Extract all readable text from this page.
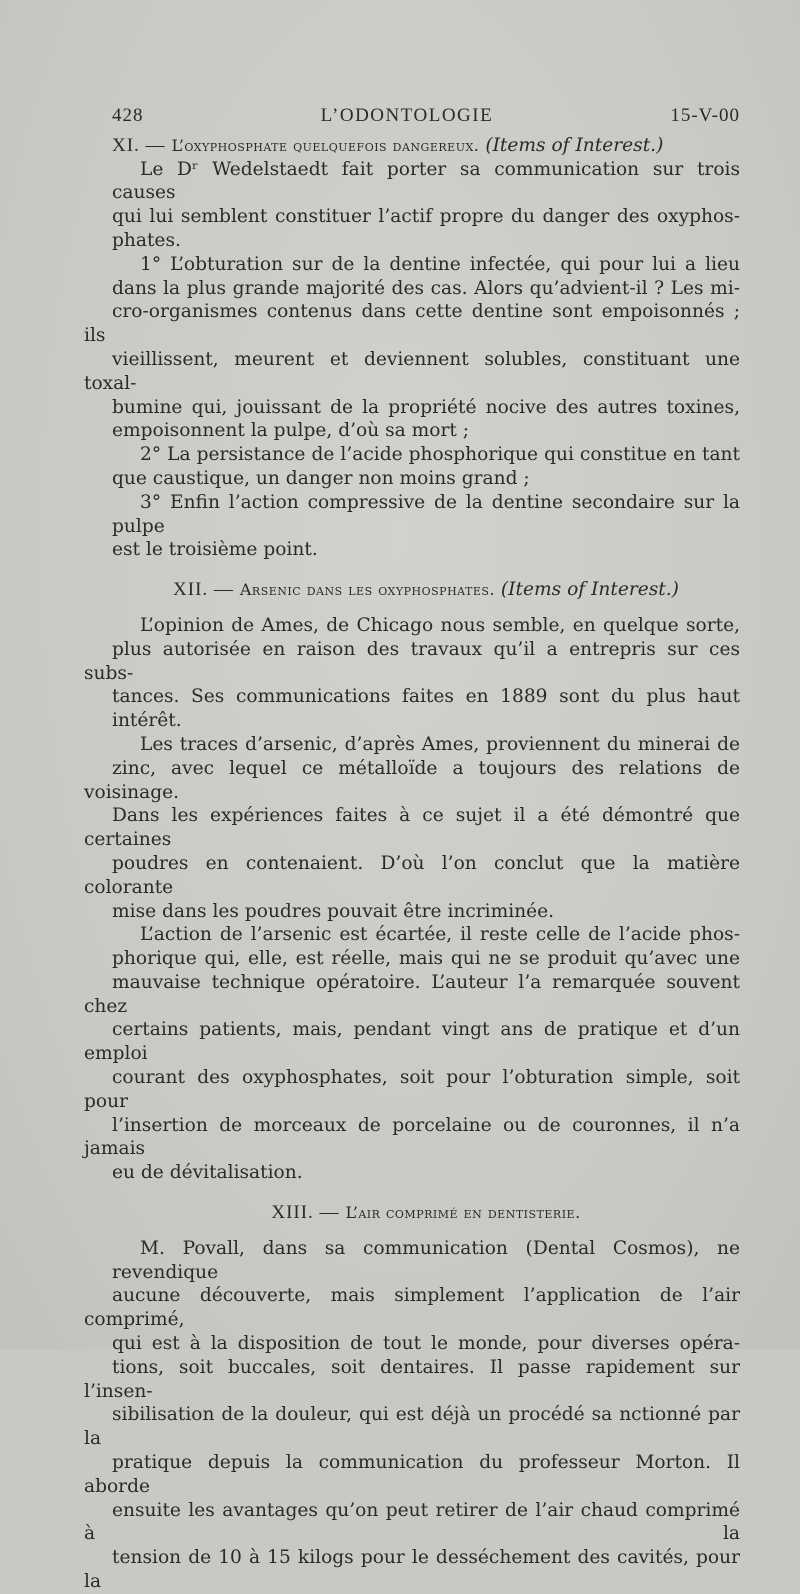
428	L’ODONTOLOGIE	15-V-00
XI. — L’oxyphosphate quelquefois dangereux. (Items of Interest.)

Le Dʳ Wedelstaedt fait porter sa communication sur trois causes
qui lui semblent constituer l’actif propre du danger des oxyphos-
phates.

1° L’obturation sur de la dentine infectée, qui pour lui a lieu
dans la plus grande majorité des cas. Alors qu’advient-il ? Les mi-
cro-organismes contenus dans cette dentine sont empoisonnés ; ils
vieillissent, meurent et deviennent solubles, constituant une toxal-
bumine qui, jouissant de la propriété nocive des autres toxines,
empoisonnent la pulpe, d’où sa mort ;

2° La persistance de l’acide phosphorique qui constitue en tant
que caustique, un danger non moins grand ;

3° Enfin l’action compressive de la dentine secondaire sur la pulpe
est le troisième point.

XII. — Arsenic dans les oxyphosphates. (Items of Interest.)

L’opinion de Ames, de Chicago nous semble, en quelque sorte,
plus autorisée en raison des travaux qu’il a entrepris sur ces subs-
tances. Ses communications faites en 1889 sont du plus haut
intérêt.

Les traces d’arsenic, d’après Ames, proviennent du minerai de
zinc, avec lequel ce métalloïde a toujours des relations de voisinage.
Dans les expériences faites à ce sujet il a été démontré que certaines
poudres en contenaient. D’où l’on conclut que la matière colorante
mise dans les poudres pouvait être incriminée.

L’action de l’arsenic est écartée, il reste celle de l’acide phos-
phorique qui, elle, est réelle, mais qui ne se produit qu’avec une
mauvaise technique opératoire. L’auteur l’a remarquée souvent chez
certains patients, mais, pendant vingt ans de pratique et d’un emploi
courant des oxyphosphates, soit pour l’obturation simple, soit pour
l’insertion de morceaux de porcelaine ou de couronnes, il n’a jamais
eu de dévitalisation.

XIII. — L’air comprimé en dentisterie.

M. Povall, dans sa communication (Dental Cosmos), ne revendique
aucune découverte, mais simplement l’application de l’air comprimé,
qui est à la disposition de tout le monde, pour diverses opéra-
tions, soit buccales, soit dentaires. Il passe rapidement sur l’insen-
sibilisation de la douleur, qui est déjà un procédé sa nctionné par la
pratique depuis la communication du professeur Morton. Il aborde
ensuite les avantages qu’on peut retirer de l’air chaud comprimé à la
tension de 10 à 15 kilogs pour le desséchement des cavités, pour la
